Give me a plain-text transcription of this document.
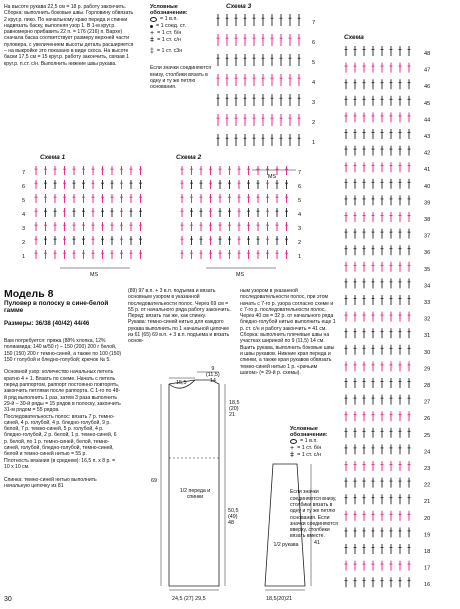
На высоте рукава 22,5 см = 18 р. работу закончить.
Сборка: выполнить боковые швы. Горловину обвязать 2 круг.р. пико. По начальному краю переда и спинки надвязать баску, выполняя узор 1. В 1-м круг.р. равномерно прибавить 22 п. = 176 (216) п. Вархе) сначала баска соответствует размеру верхней части пуловера, с увеличением высоты деталь расширяется – на выкройке это показано в виде скоса. На высоте баски 17,5 см = 15 круг.р. работу закончить, связав 1 круг.р. п.ст. с/н. Выполнить нижние швы рукава.
Условные обозначения:
= 1 в.п.
= 1 соед. ст.
+ = 1 ст. б/н
ǂ = 1 ст. с/н
‡ = 1 ст. с3н
Если значки соединяются внизу, столбики вязать в одну и ту же петлю основания.
Схема 3
7
6
5
4
3
2
1
MS
Схема
48
47
46
45
44
43
42
41
40
39
38
37
36
35
34
33
32
31
30
29
28
27
26
25
24
23
22
21
20
19
18
17
16
Схема 1
7
6
5
4
3
2
1
MS
Схема 2
7
6
5
4
3
2
1
MS
Модель 8
Пуловер в полоску в сине-белой гамме
Размеры: 36/38 (40/42) 44/46
Вам потребуется: пряжа (88% хлопка, 12% полиамида; 140 м/50 г) – 150 (200) 200 г белой, 150 (150) 200 г темно-синей, а также по 100 (150) 150 г голубой и бледно-голубой; крючок № 5.

Основной узор: количество начальных петель кратно 4 + 1. Вязать по схеме. Начать с петель перед раппортом, раппорт постоянно повторять, закончить петлями после раппорта. С 1-го по 48-й ряд выполнить 1 раз, затем 3 раза выполнить 29-й – 30-й ряды = 15 рядов в полоску, закончить 31-м рядом = 55 рядов.
Последовательность полос: вязать 7 р. темно-синей, 4 р. голубой, 4 р. бледно-голубой, 9 р. белой, 7 р. темно-синей, 5 р. голубой, 4 р. бледно-голубой, 2 р. белой, 1 р. темно-синей, 6 р. белой, по 1 р. темно-синей, белой, темно-синей, голубой, бледно-голубой, темно-синей, белой и темно-синей нитью = 55 р.
Плотность вязания (в среднем): 16,5 п. х 8 р. = 10 х 10 см.

Спинка: темно-синей нитью выполнить начальную цепочку из 81
(89) 97 в.п. + 3 в.п. подъема и вязать основным узором в указанной последовательности полос. Через 69 см = 55 р. от начального ряда работу закончить.
Перед: вязать так же, как спинку.
Рукава: темно-синей нитью для каждого рукава выполнить по 1 начальной цепочке из 61 (65) 69 в.п. + 3 в.п. подъема и вязать основ-
ным узором в указанной последовательности полос, при этом начать с 7-го р. узора согласно схеме и с 7-го р. последовательности полос. Через 40 см = 32 р. от начального ряда бледно-голубой нитью выполнить еще 1 р. ст. с/н и работу закончить = 41 см.
Сборка: выполнить плечевые швы на участках шириной по 9 (11,5) 14 см. Вшить рукава, выполнить боковые швы и швы рукавов. Нижние края переда и спинки, а также края рукавов обвязать темно-синей нитью 1 р. «рачьим шагом» (= 29-й р. схемы).
9
(11,5)
14
15,5
18,5
(20)
21
69
50,5
(49)
48
1/2 переда и спинки
1/2 рукава
24,5 (27) 29,5
41
18,5(20)21
Условные обозначения:
= 1 в.п.
+ = 1 ст. б/н
ǂ = 1 ст. с/н
Если значки соединяются внизу, столбики вязать в одну и ту же петлю основания. Если значки соединяются вверху, столбики вязать вместе.
30
